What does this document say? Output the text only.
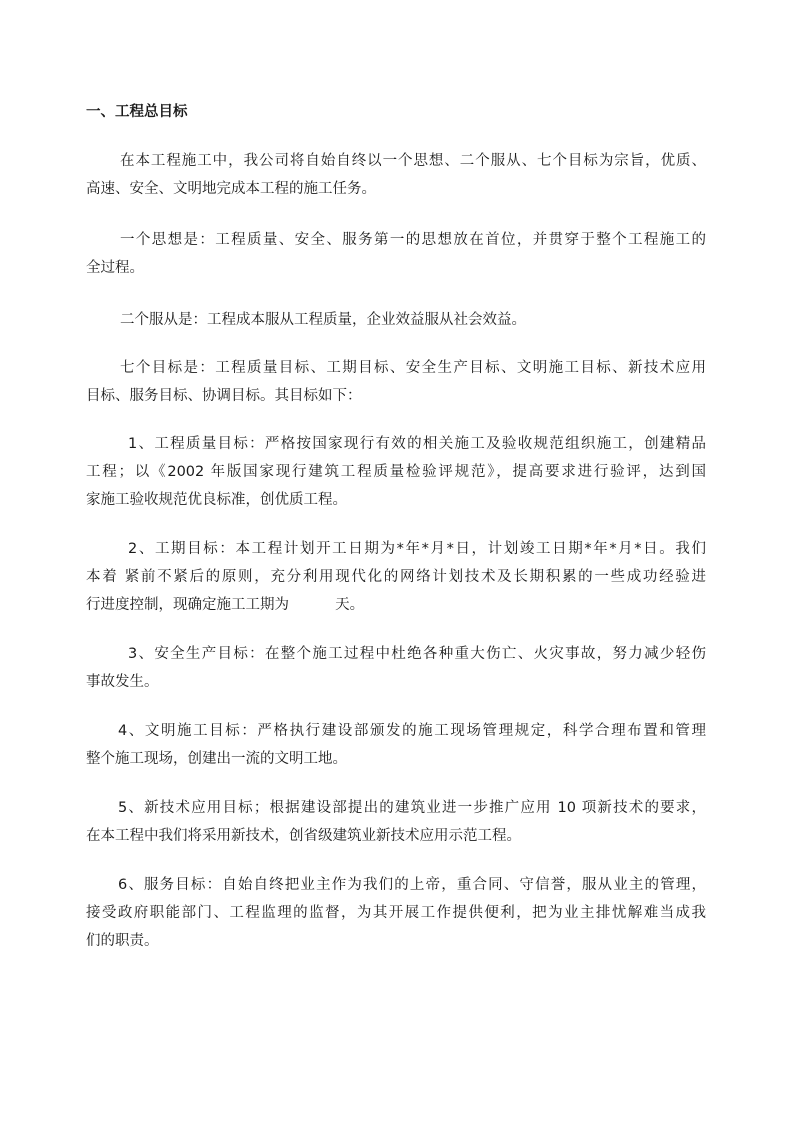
一、工程总目标
在本工程施工中，我公司将自始自终以一个思想、二个服从、七个目标为宗旨，优质、
高速、安全、文明地完成本工程的施工任务。
一个思想是：工程质量、安全、服务第一的思想放在首位，并贯穿于整个工程施工的
全过程。
二个服从是：工程成本服从工程质量，企业效益服从社会效益。
七个目标是：工程质量目标、工期目标、安全生产目标、文明施工目标、新技术应用
目标、服务目标、协调目标。其目标如下：
1、工程质量目标：严格按国家现行有效的相关施工及验收规范组织施工，创建精品
工程；以《2002 年版国家现行建筑工程质量检验评规范》，提高要求进行验评，达到国
家施工验收规范优良标准，创优质工程。
2、工期目标：本工程计划开工日期为*年*月*日，计划竣工日期*年*月*日。我们
本着 紧前不紧后的原则，充分利用现代化的网络计划技术及长期积累的一些成功经验进
行进度控制，现确定施工工期为          天。
3、安全生产目标：在整个施工过程中杜绝各种重大伤亡、火灾事故，努力减少轻伤
事故发生。
4、文明施工目标：严格执行建设部颁发的施工现场管理规定，科学合理布置和管理
整个施工现场，创建出一流的文明工地。
5、新技术应用目标；根据建设部提出的建筑业进一步推广应用 10 项新技术的要求，
在本工程中我们将采用新技术，创省级建筑业新技术应用示范工程。
6、服务目标：自始自终把业主作为我们的上帝，重合同、守信誉，服从业主的管理，
接受政府职能部门、工程监理的监督，为其开展工作提供便利，把为业主排忧解难当成我
们的职责。
